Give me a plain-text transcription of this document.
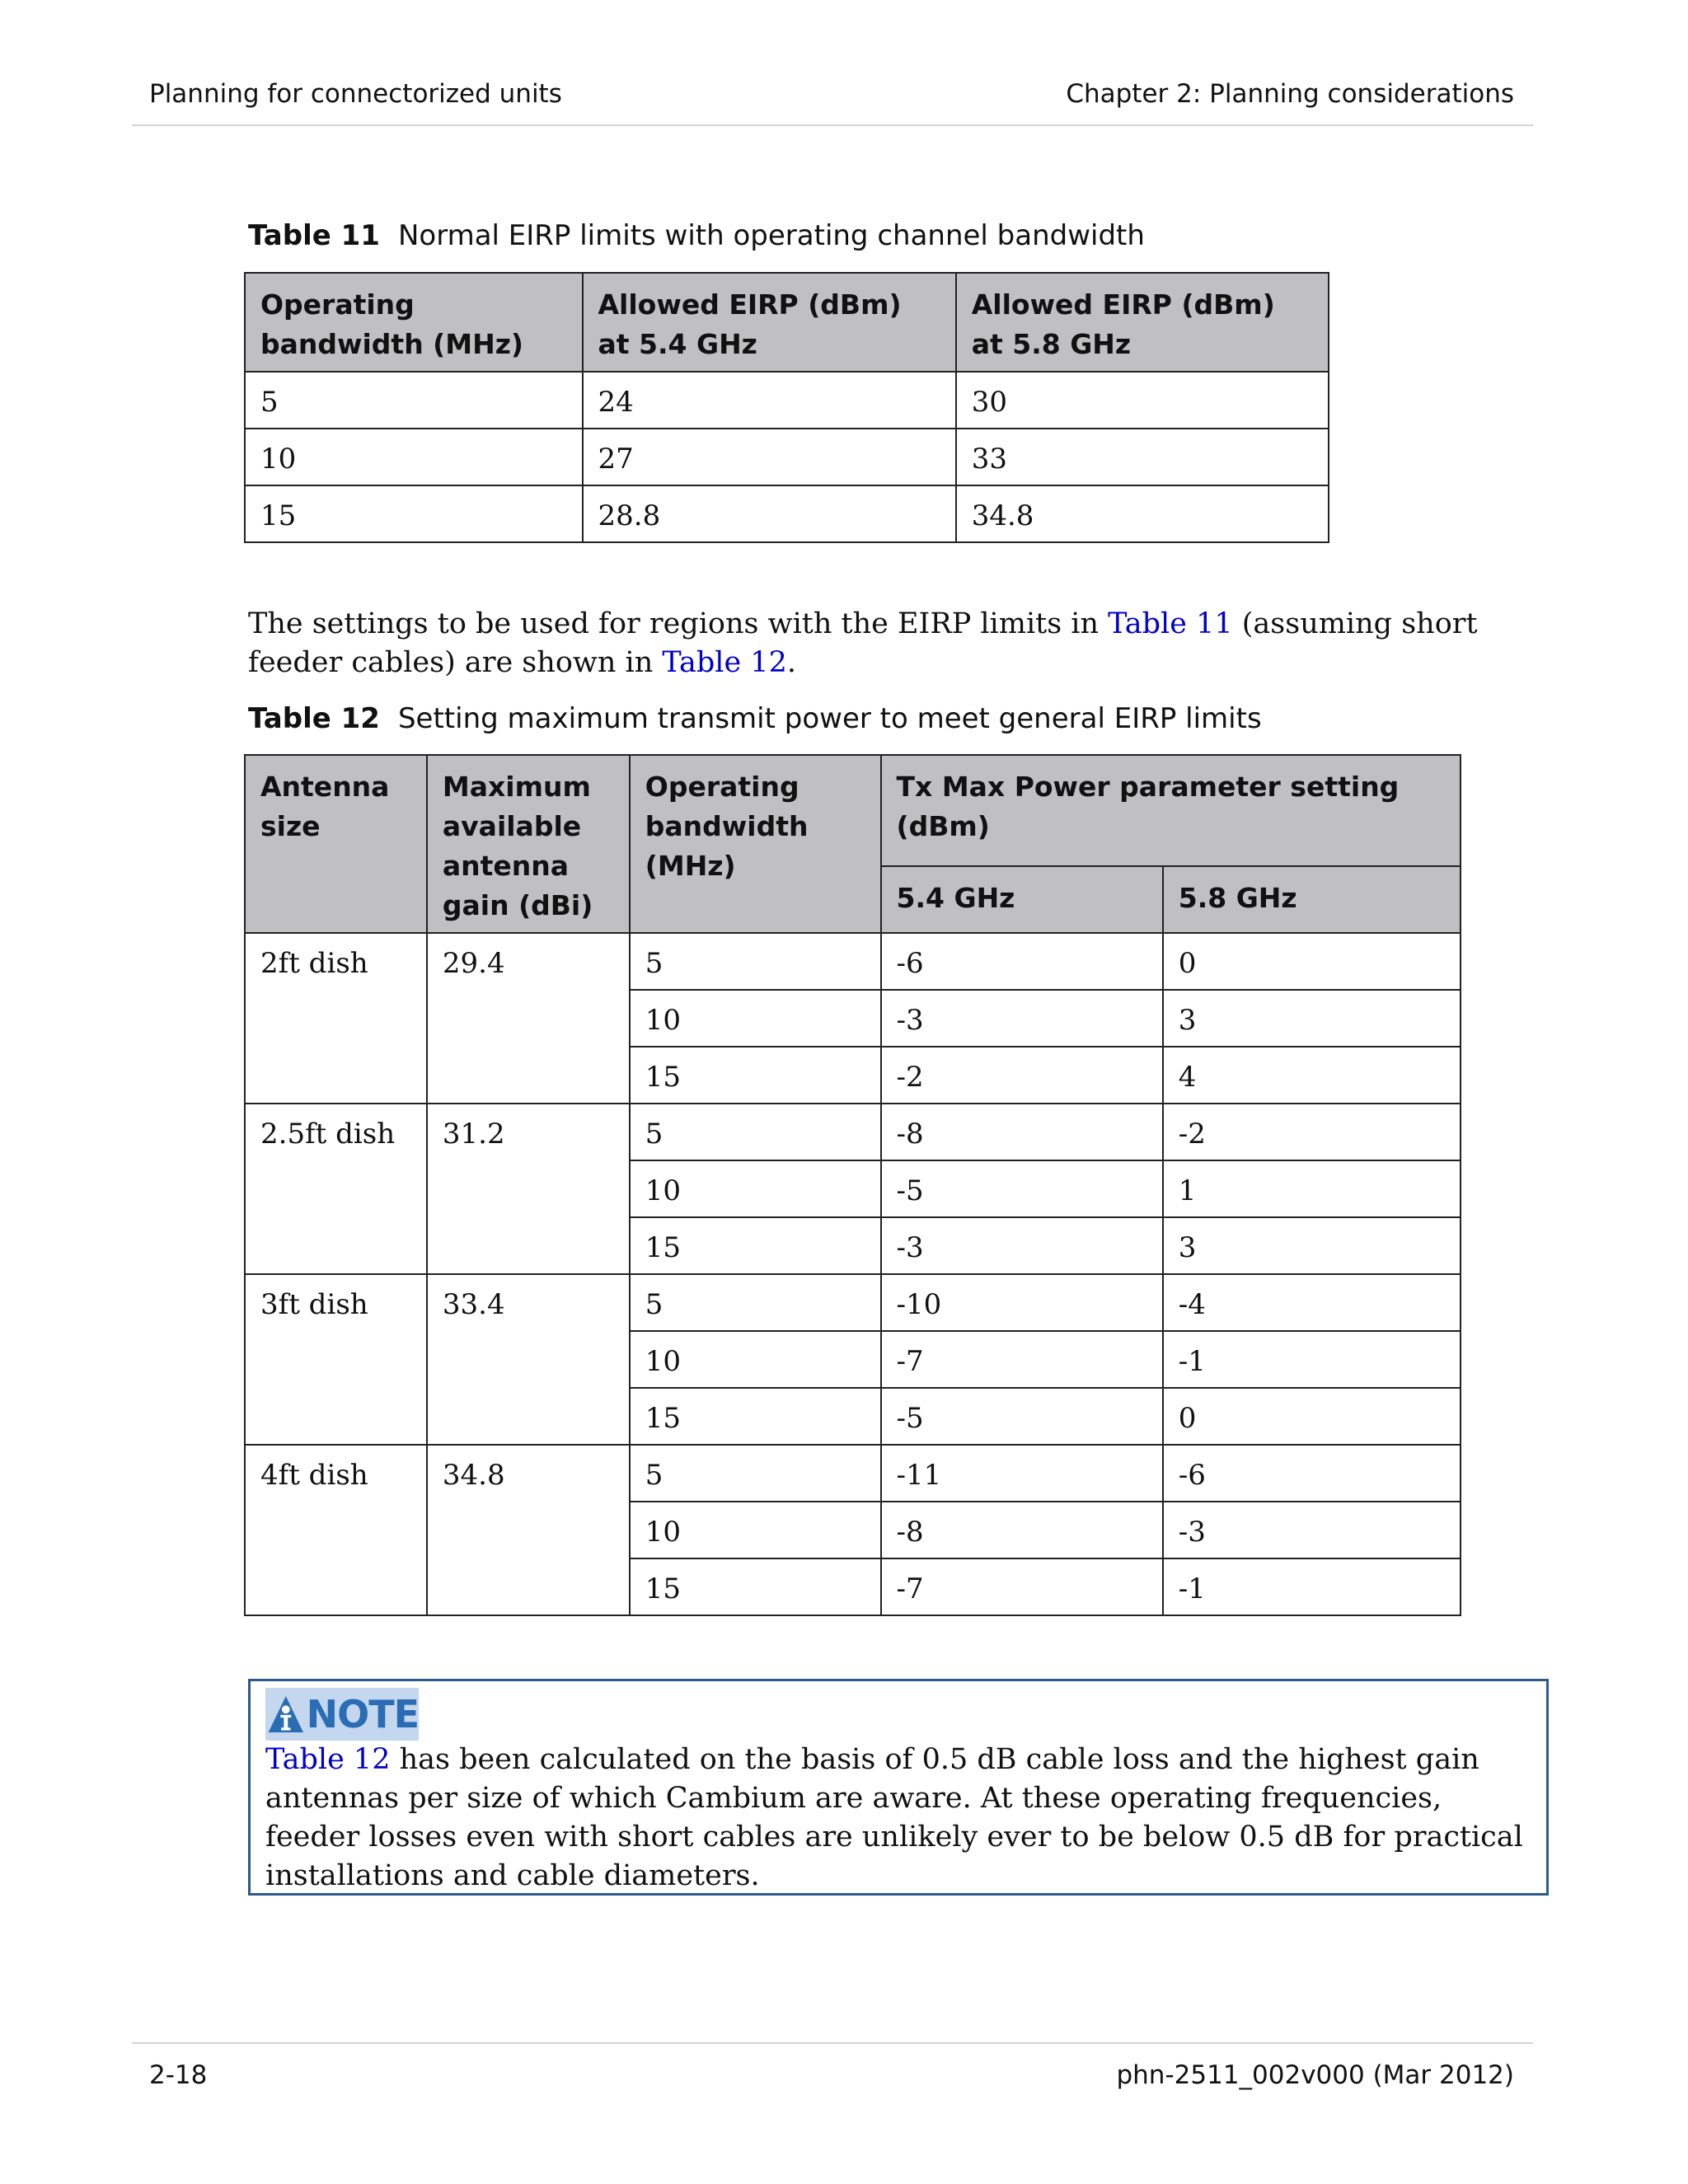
Planning for connectorized units	Chapter 2: Planning considerations
Table 11 Normal EIRP limits with operating channel bandwidth
Operating bandwidth (MHz)	Allowed EIRP (dBm) at 5.4 GHz	Allowed EIRP (dBm) at 5.8 GHz
5	24	30
10	27	33
15	28.8	34.8
The settings to be used for regions with the EIRP limits in Table 11 (assuming short feeder cables) are shown in Table 12.
Table 12 Setting maximum transmit power to meet general EIRP limits
Antenna size	Maximum available antenna gain (dBi)	Operating bandwidth (MHz)	Tx Max Power parameter setting (dBm)	
			5.4 GHz	5.8 GHz
2ft dish	29.4	5	-6	0
		10	-3	3
		15	-2	4
2.5ft dish	31.2	5	-8	-2
		10	-5	1
		15	-3	3
3ft dish	33.4	5	-10	-4
		10	-7	-1
		15	-5	0
4ft dish	34.8	5	-11	-6
		10	-8	-3
		15	-7	-1
NOTE
Table 12 has been calculated on the basis of 0.5 dB cable loss and the highest gain antennas per size of which Cambium are aware. At these operating frequencies, feeder losses even with short cables are unlikely ever to be below 0.5 dB for practical installations and cable diameters.
2-18	phn-2511_002v000 (Mar 2012)
